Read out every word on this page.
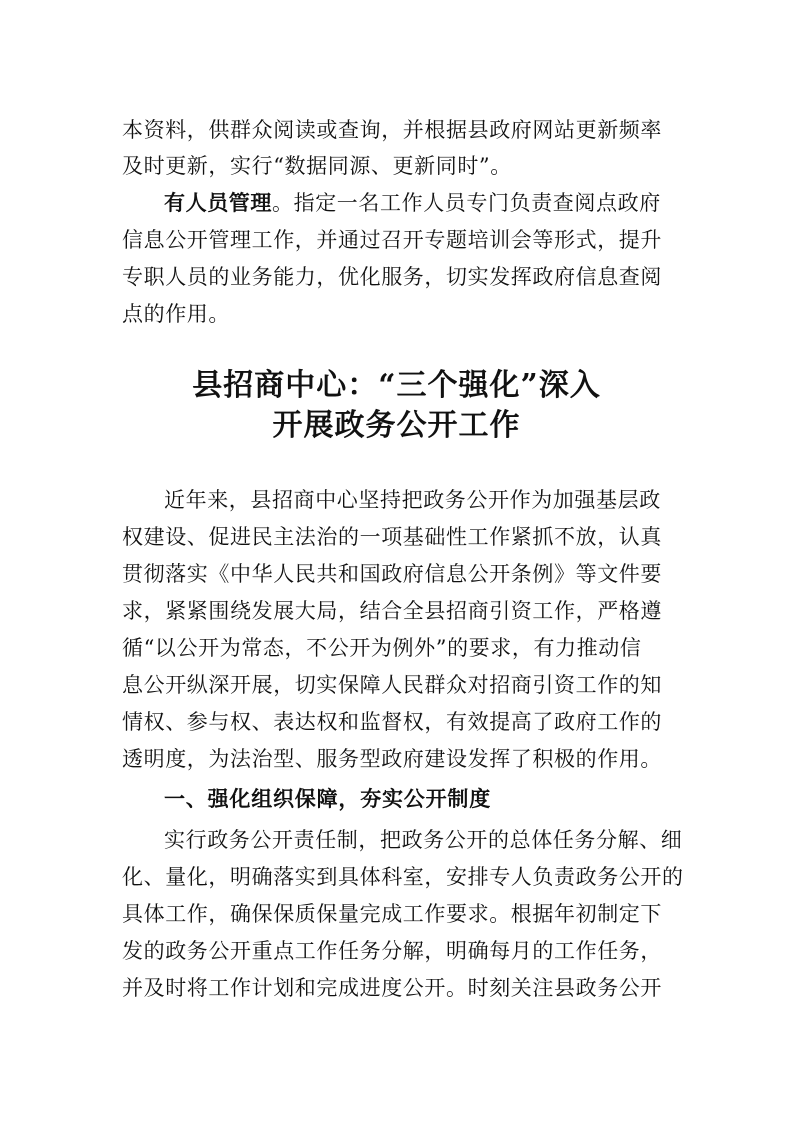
本资料，供群众阅读或查询，并根据县政府网站更新频率
及时更新，实行“数据同源、更新同时”。
有人员管理。指定一名工作人员专门负责查阅点政府
信息公开管理工作，并通过召开专题培训会等形式，提升
专职人员的业务能力，优化服务，切实发挥政府信息查阅
点的作用。
县招商中心：“三个强化”深入
开展政务公开工作
近年来，县招商中心坚持把政务公开作为加强基层政
权建设、促进民主法治的一项基础性工作紧抓不放，认真
贯彻落实《中华人民共和国政府信息公开条例》等文件要
求，紧紧围绕发展大局，结合全县招商引资工作，严格遵
循“以公开为常态，不公开为例外”的要求，有力推动信
息公开纵深开展，切实保障人民群众对招商引资工作的知
情权、参与权、表达权和监督权，有效提高了政府工作的
透明度，为法治型、服务型政府建设发挥了积极的作用。
一、强化组织保障，夯实公开制度
实行政务公开责任制，把政务公开的总体任务分解、细
化、量化，明确落实到具体科室，安排专人负责政务公开的
具体工作，确保保质保量完成工作要求。根据年初制定下
发的政务公开重点工作任务分解，明确每月的工作任务，
并及时将工作计划和完成进度公开。时刻关注县政务公开
